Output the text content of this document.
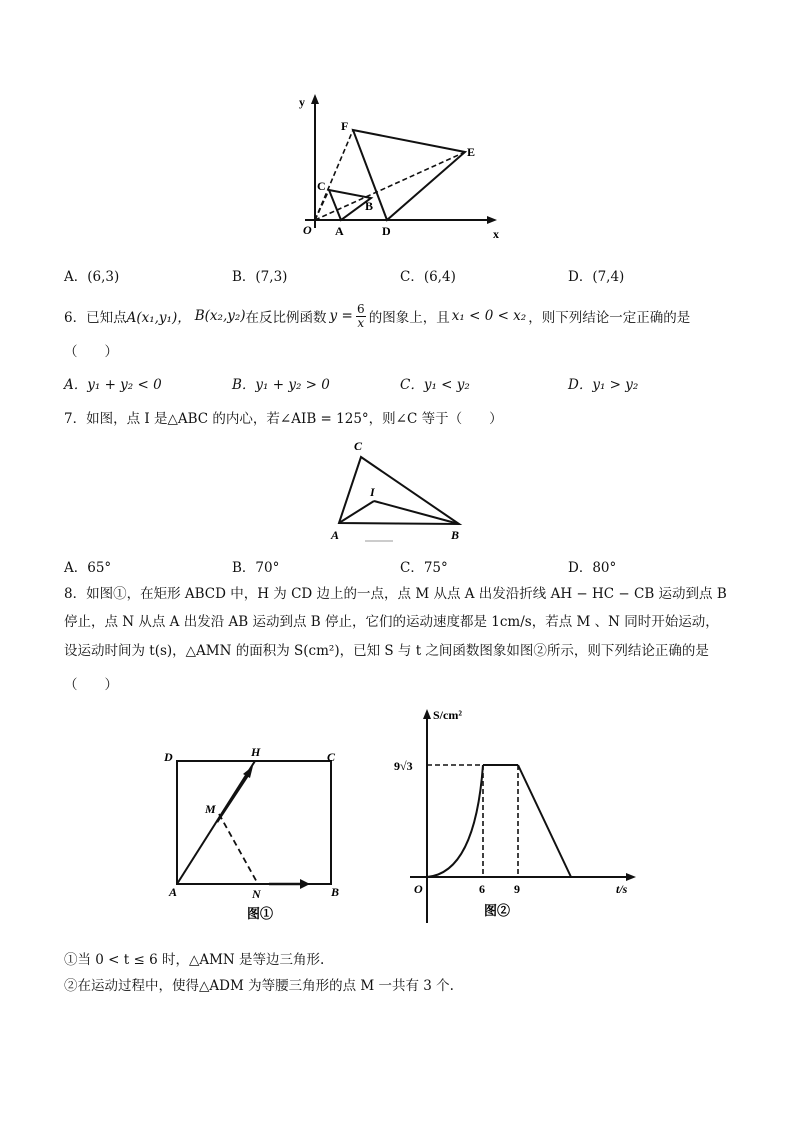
y
F
E
C
B
O A	D	x
A．(6,3)	B．(7,3)	C．(6,4)	D．(7,4)
6．已知点 A(x₁,y₁)， B(x₂,y₂) 在反比例函数 y = 6
x 的图象上，且 x₁ < 0 < x₂ ，则下列结论一定正确的是
（　　）
A．y₁ + y₂ < 0	B．y₁ + y₂ > 0	C．y₁ < y₂	D．y₁ > y₂
7．如图，点 I 是△ABC 的内心，若∠AIB = 125°，则∠C 等于（　　）
C
I
A	B
A．65°	B．70°	C．75°	D．80°
8．如图①，在矩形 ABCD 中，H 为 CD 边上的一点，点 M 从点 A 出发沿折线 AH − HC − CB 运动到点 B
停止，点 N 从点 A 出发沿 AB 运动到点 B 停止，它们的运动速度都是 1cm/s，若点 M 、N 同时开始运动，
设运动时间为 t(s)，△AMN 的面积为 S(cm²)，已知 S 与 t 之间函数图象如图②所示，则下列结论正确的是
（　　）
D	H	C
M
A	N	B
图①
S/cm²
9√3
O	6 9	t/s
图②
①当 0 < t ≤ 6 时，△AMN 是等边三角形.
②在运动过程中，使得△ADM 为等腰三角形的点 M 一共有 3 个.
